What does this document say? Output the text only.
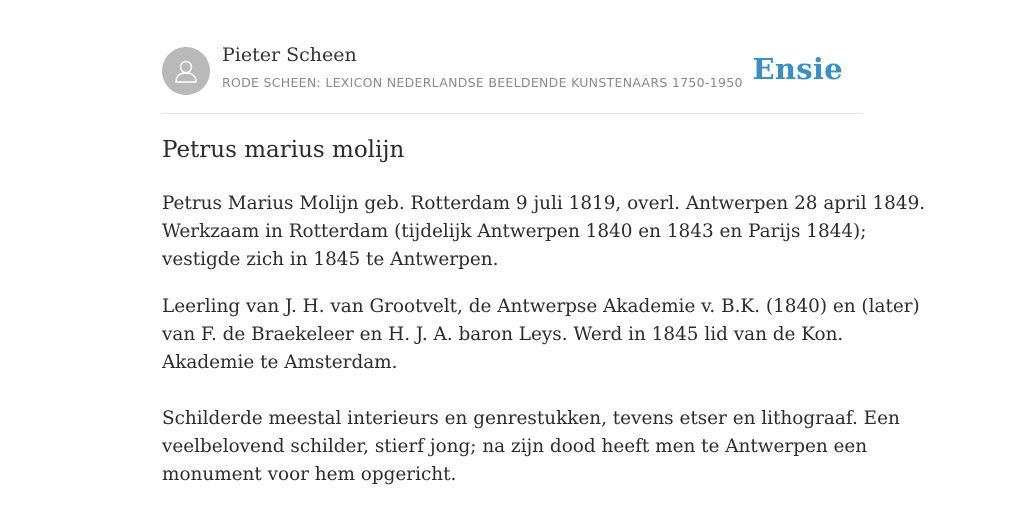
Pieter Scheen
RODE SCHEEN: LEXICON NEDERLANDSE BEELDENDE KUNSTENAARS 1750-1950 Ensie
Petrus marius molijn

Petrus Marius Molijn geb. Rotterdam 9 juli 1819, overl. Antwerpen 28 april 1849.
Werkzaam in Rotterdam (tijdelijk Antwerpen 1840 en 1843 en Parijs 1844);
vestigde zich in 1845 te Antwerpen.

Leerling van J. H. van Grootvelt, de Antwerpse Akademie v. B.K. (1840) en (later)
van F. de Braekeleer en H. J. A. baron Leys. Werd in 1845 lid van de Kon.
Akademie te Amsterdam.

Schilderde meestal interieurs en genrestukken, tevens etser en lithograaf. Een
veelbelovend schilder, stierf jong; na zijn dood heeft men te Antwerpen een
monument voor hem opgericht.
